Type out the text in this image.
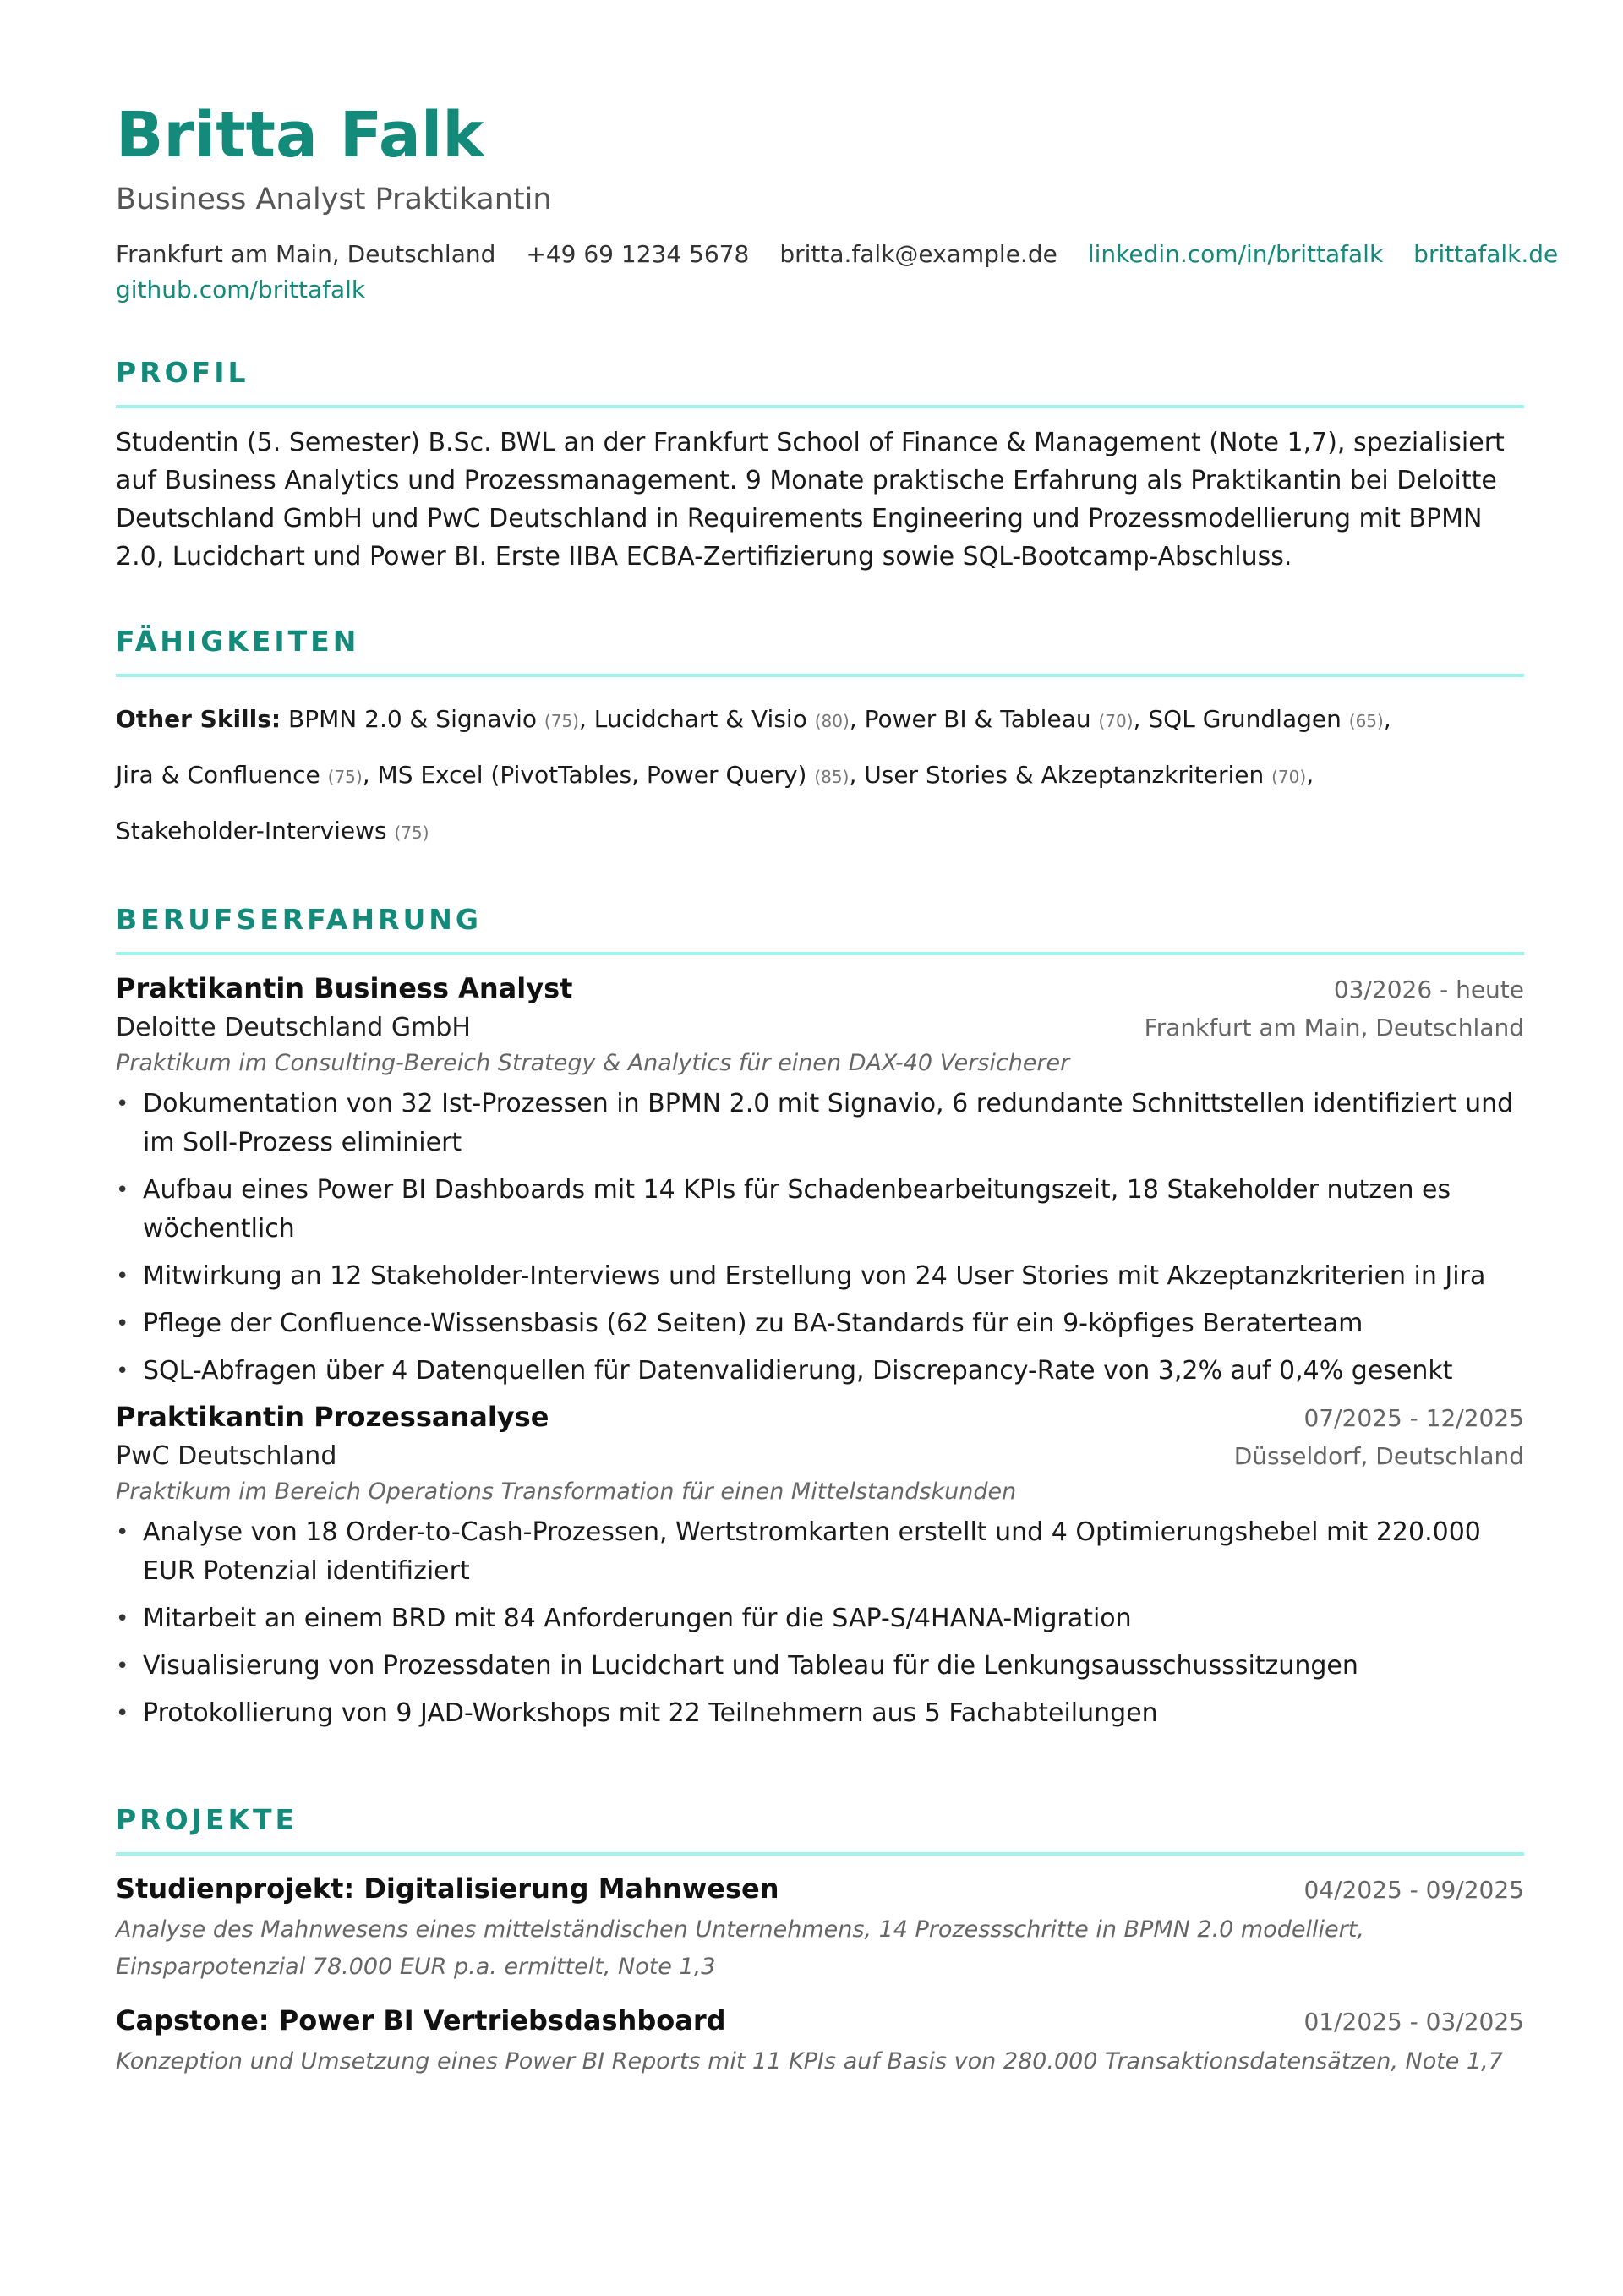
Britta Falk
Business Analyst Praktikantin
Frankfurt am Main, Deutschland +49 69 1234 5678 britta.falk@example.de linkedin.com/in/brittafalk brittafalk.de
github.com/brittafalk
PROFIL
Studentin (5. Semester) B.Sc. BWL an der Frankfurt School of Finance & Management (Note 1,7), spezialisiert auf Business Analytics und Prozessmanagement. 9 Monate praktische Erfahrung als Praktikantin bei Deloitte Deutschland GmbH und PwC Deutschland in Requirements Engineering und Prozessmodellierung mit BPMN 2.0, Lucidchart und Power BI. Erste IIBA ECBA-Zertifizierung sowie SQL-Bootcamp-Abschluss.
FÄHIGKEITEN
Other Skills: BPMN 2.0 & Signavio (75), Lucidchart & Visio (80), Power BI & Tableau (70), SQL Grundlagen (65),
Jira & Confluence (75), MS Excel (PivotTables, Power Query) (85), User Stories & Akzeptanzkriterien (70),
Stakeholder-Interviews (75)
BERUFSERFAHRUNG
Praktikantin Business Analyst	03/2026 - heute
Deloitte Deutschland GmbH	Frankfurt am Main, Deutschland
Praktikum im Consulting-Bereich Strategy & Analytics für einen DAX-40 Versicherer
• Dokumentation von 32 Ist-Prozessen in BPMN 2.0 mit Signavio, 6 redundante Schnittstellen identifiziert und im Soll-Prozess eliminiert
• Aufbau eines Power BI Dashboards mit 14 KPIs für Schadenbearbeitungszeit, 18 Stakeholder nutzen es wöchentlich
• Mitwirkung an 12 Stakeholder-Interviews und Erstellung von 24 User Stories mit Akzeptanzkriterien in Jira
• Pflege der Confluence-Wissensbasis (62 Seiten) zu BA-Standards für ein 9-köpfiges Beraterteam
• SQL-Abfragen über 4 Datenquellen für Datenvalidierung, Discrepancy-Rate von 3,2% auf 0,4% gesenkt
Praktikantin Prozessanalyse	07/2025 - 12/2025
PwC Deutschland	Düsseldorf, Deutschland
Praktikum im Bereich Operations Transformation für einen Mittelstandskunden
• Analyse von 18 Order-to-Cash-Prozessen, Wertstromkarten erstellt und 4 Optimierungshebel mit 220.000 EUR Potenzial identifiziert
• Mitarbeit an einem BRD mit 84 Anforderungen für die SAP-S/4HANA-Migration
• Visualisierung von Prozessdaten in Lucidchart und Tableau für die Lenkungsausschusssitzungen
• Protokollierung von 9 JAD-Workshops mit 22 Teilnehmern aus 5 Fachabteilungen
PROJEKTE
Studienprojekt: Digitalisierung Mahnwesen	04/2025 - 09/2025
Analyse des Mahnwesens eines mittelständischen Unternehmens, 14 Prozessschritte in BPMN 2.0 modelliert, Einsparpotenzial 78.000 EUR p.a. ermittelt, Note 1,3
Capstone: Power BI Vertriebsdashboard	01/2025 - 03/2025
Konzeption und Umsetzung eines Power BI Reports mit 11 KPIs auf Basis von 280.000 Transaktionsdatensätzen, Note 1,7
